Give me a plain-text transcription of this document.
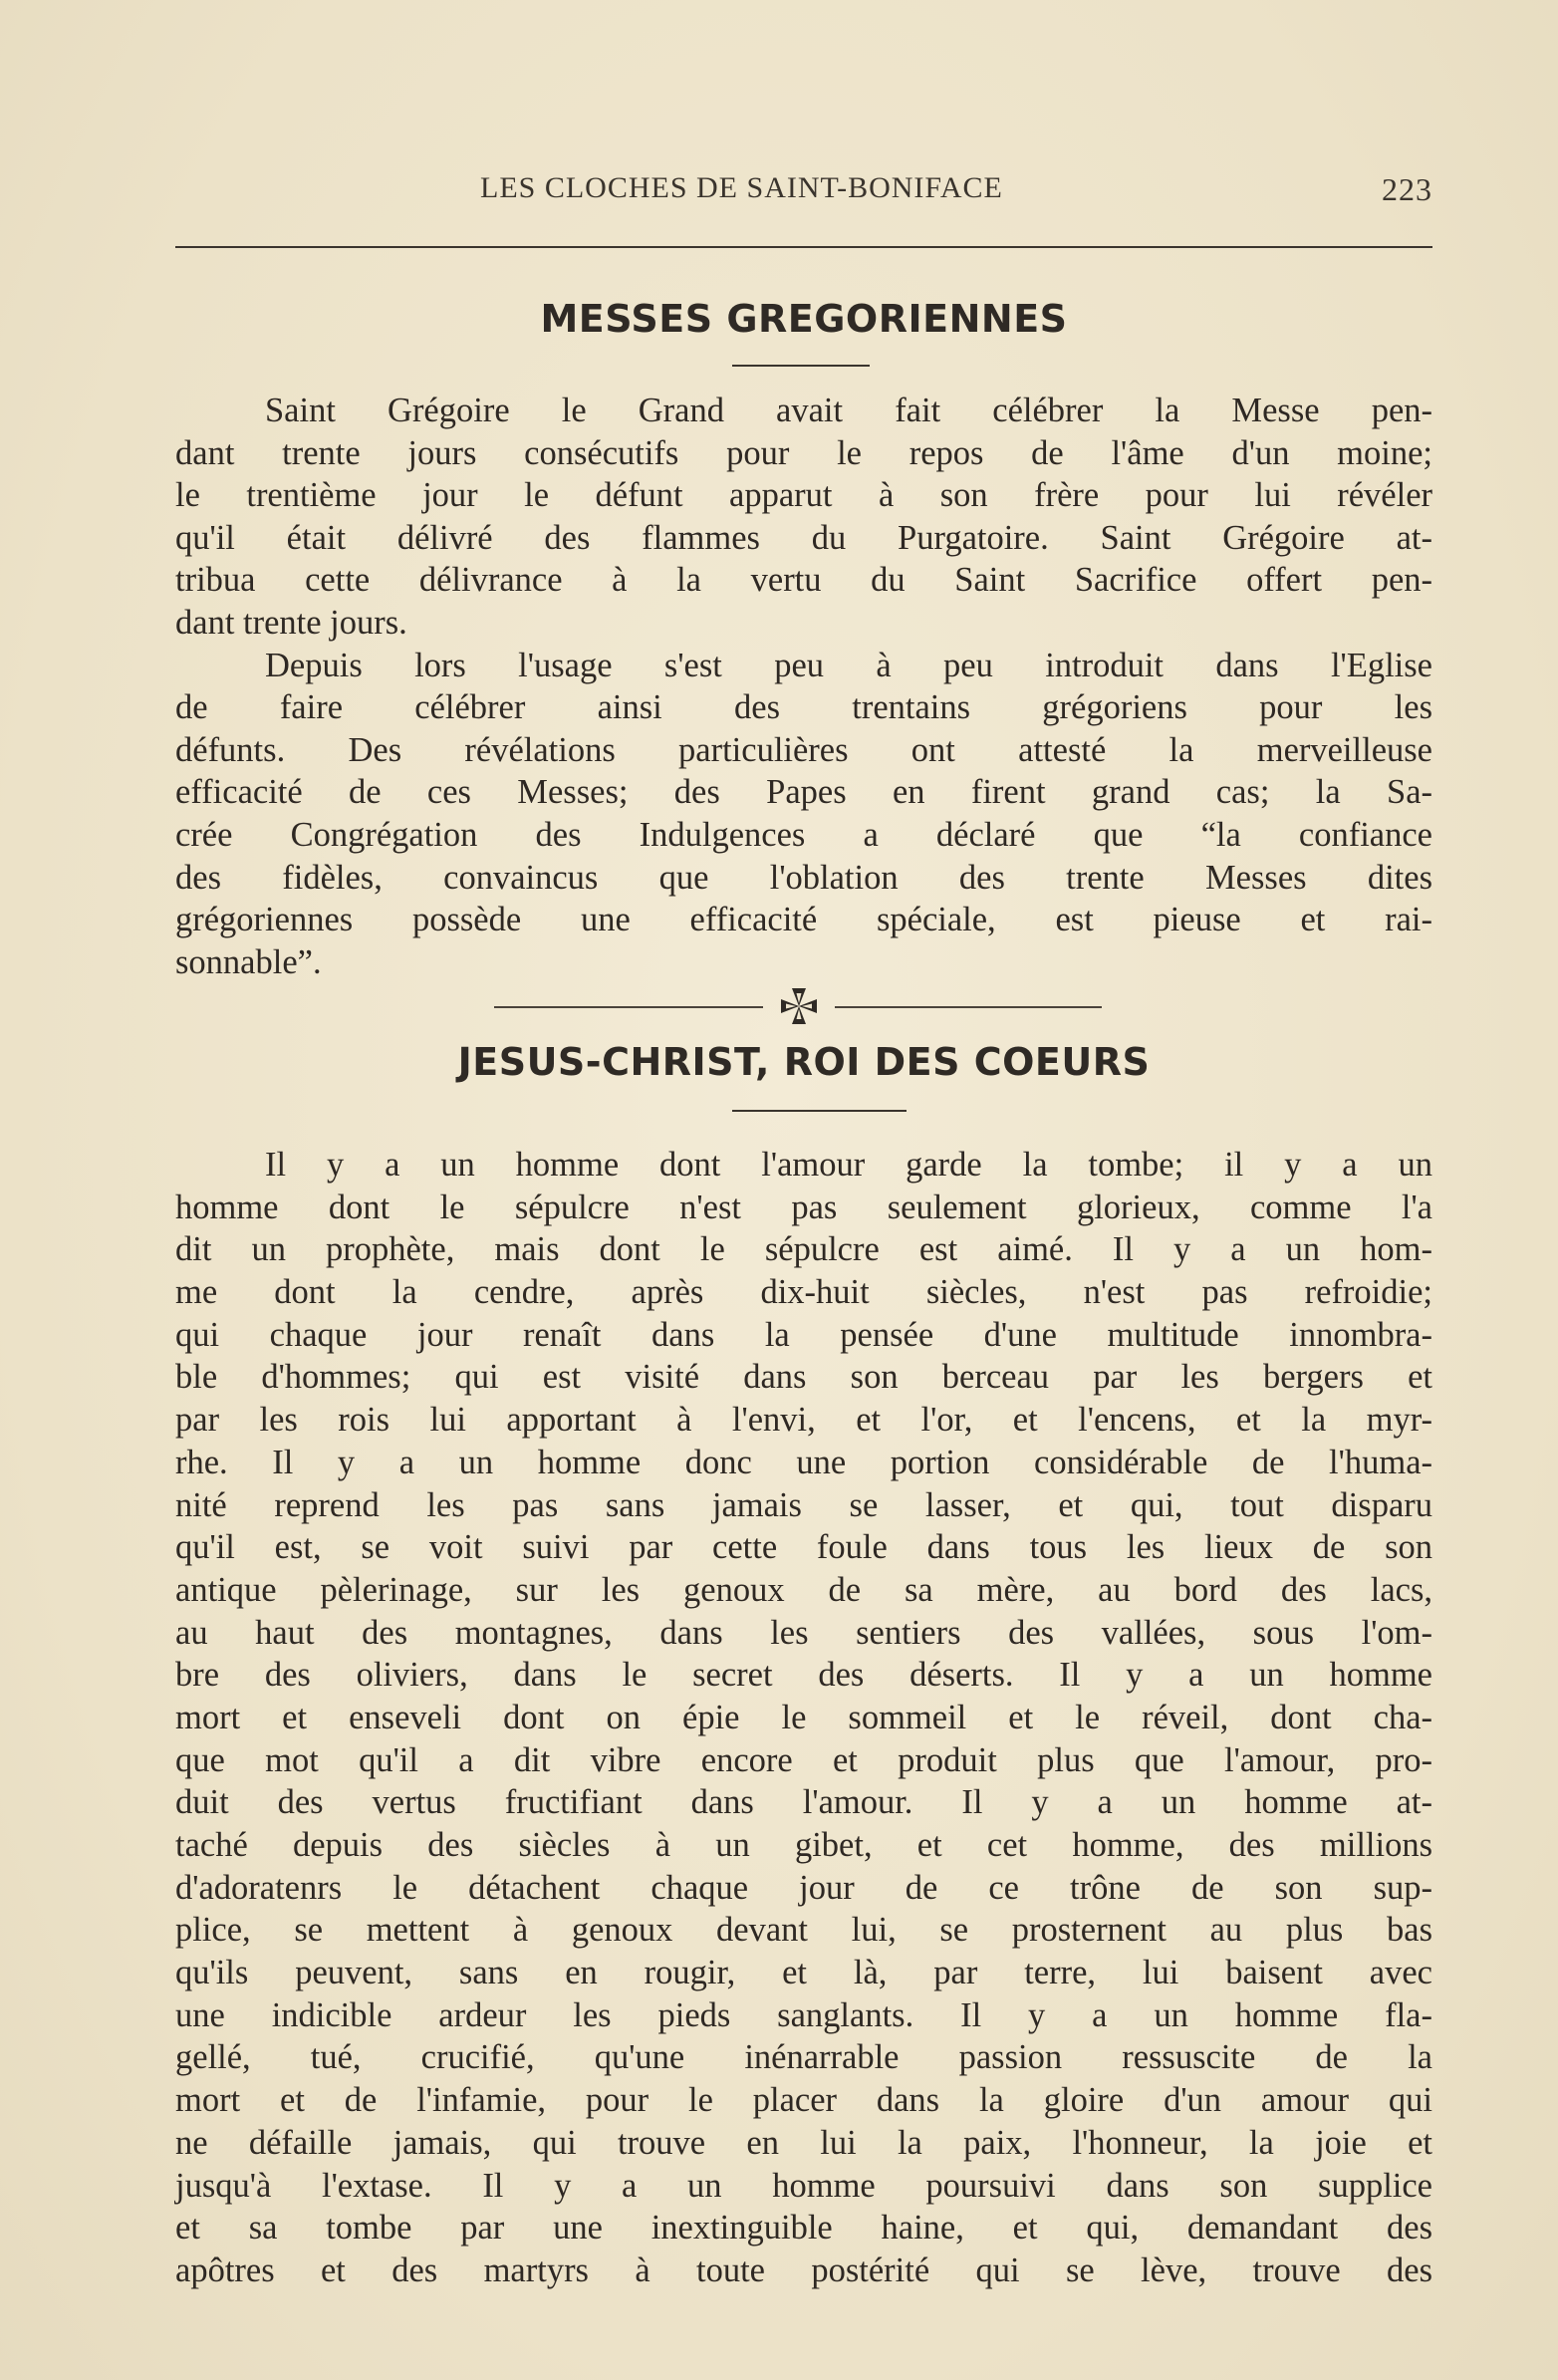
LES CLOCHES DE SAINT-BONIFACE	223
MESSES GREGORIENNES
Saint Grégoire le Grand avait fait célébrer la Messe pen-
dant trente jours consécutifs pour le repos de l'âme d'un moine;
le trentième jour le défunt apparut à son frère pour lui révéler
qu'il était délivré des flammes du Purgatoire. Saint Grégoire at-
tribua cette délivrance à la vertu du Saint Sacrifice offert pen-
dant trente jours.
Depuis lors l'usage s'est peu à peu introduit dans l'Eglise
de faire célébrer ainsi des trentains grégoriens pour les
défunts. Des révélations particulières ont attesté la merveilleuse
efficacité de ces Messes; des Papes en firent grand cas; la Sa-
crée Congrégation des Indulgences a déclaré que “la confiance
des fidèles, convaincus que l'oblation des trente Messes dites
grégoriennes possède une efficacité spéciale, est pieuse et rai-
sonnable”.
JESUS-CHRIST, ROI DES COEURS
Il y a un homme dont l'amour garde la tombe; il y a un
homme dont le sépulcre n'est pas seulement glorieux, comme l'a
dit un prophète, mais dont le sépulcre est aimé. Il y a un hom-
me dont la cendre, après dix-huit siècles, n'est pas refroidie;
qui chaque jour renaît dans la pensée d'une multitude innombra-
ble d'hommes; qui est visité dans son berceau par les bergers et
par les rois lui apportant à l'envi, et l'or, et l'encens, et la myr-
rhe. Il y a un homme donc une portion considérable de l'huma-
nité reprend les pas sans jamais se lasser, et qui, tout disparu
qu'il est, se voit suivi par cette foule dans tous les lieux de son
antique pèlerinage, sur les genoux de sa mère, au bord des lacs,
au haut des montagnes, dans les sentiers des vallées, sous l'om-
bre des oliviers, dans le secret des déserts. Il y a un homme
mort et enseveli dont on épie le sommeil et le réveil, dont cha-
que mot qu'il a dit vibre encore et produit plus que l'amour, pro-
duit des vertus fructifiant dans l'amour. Il y a un homme at-
taché depuis des siècles à un gibet, et cet homme, des millions
d'adoratenrs le détachent chaque jour de ce trône de son sup-
plice, se mettent à genoux devant lui, se prosternent au plus bas
qu'ils peuvent, sans en rougir, et là, par terre, lui baisent avec
une indicible ardeur les pieds sanglants. Il y a un homme fla-
gellé, tué, crucifié, qu'une inénarrable passion ressuscite de la
mort et de l'infamie, pour le placer dans la gloire d'un amour qui
ne défaille jamais, qui trouve en lui la paix, l'honneur, la joie et
jusqu'à l'extase. Il y a un homme poursuivi dans son supplice
et sa tombe par une inextinguible haine, et qui, demandant des
apôtres et des martyrs à toute postérité qui se lève, trouve des
